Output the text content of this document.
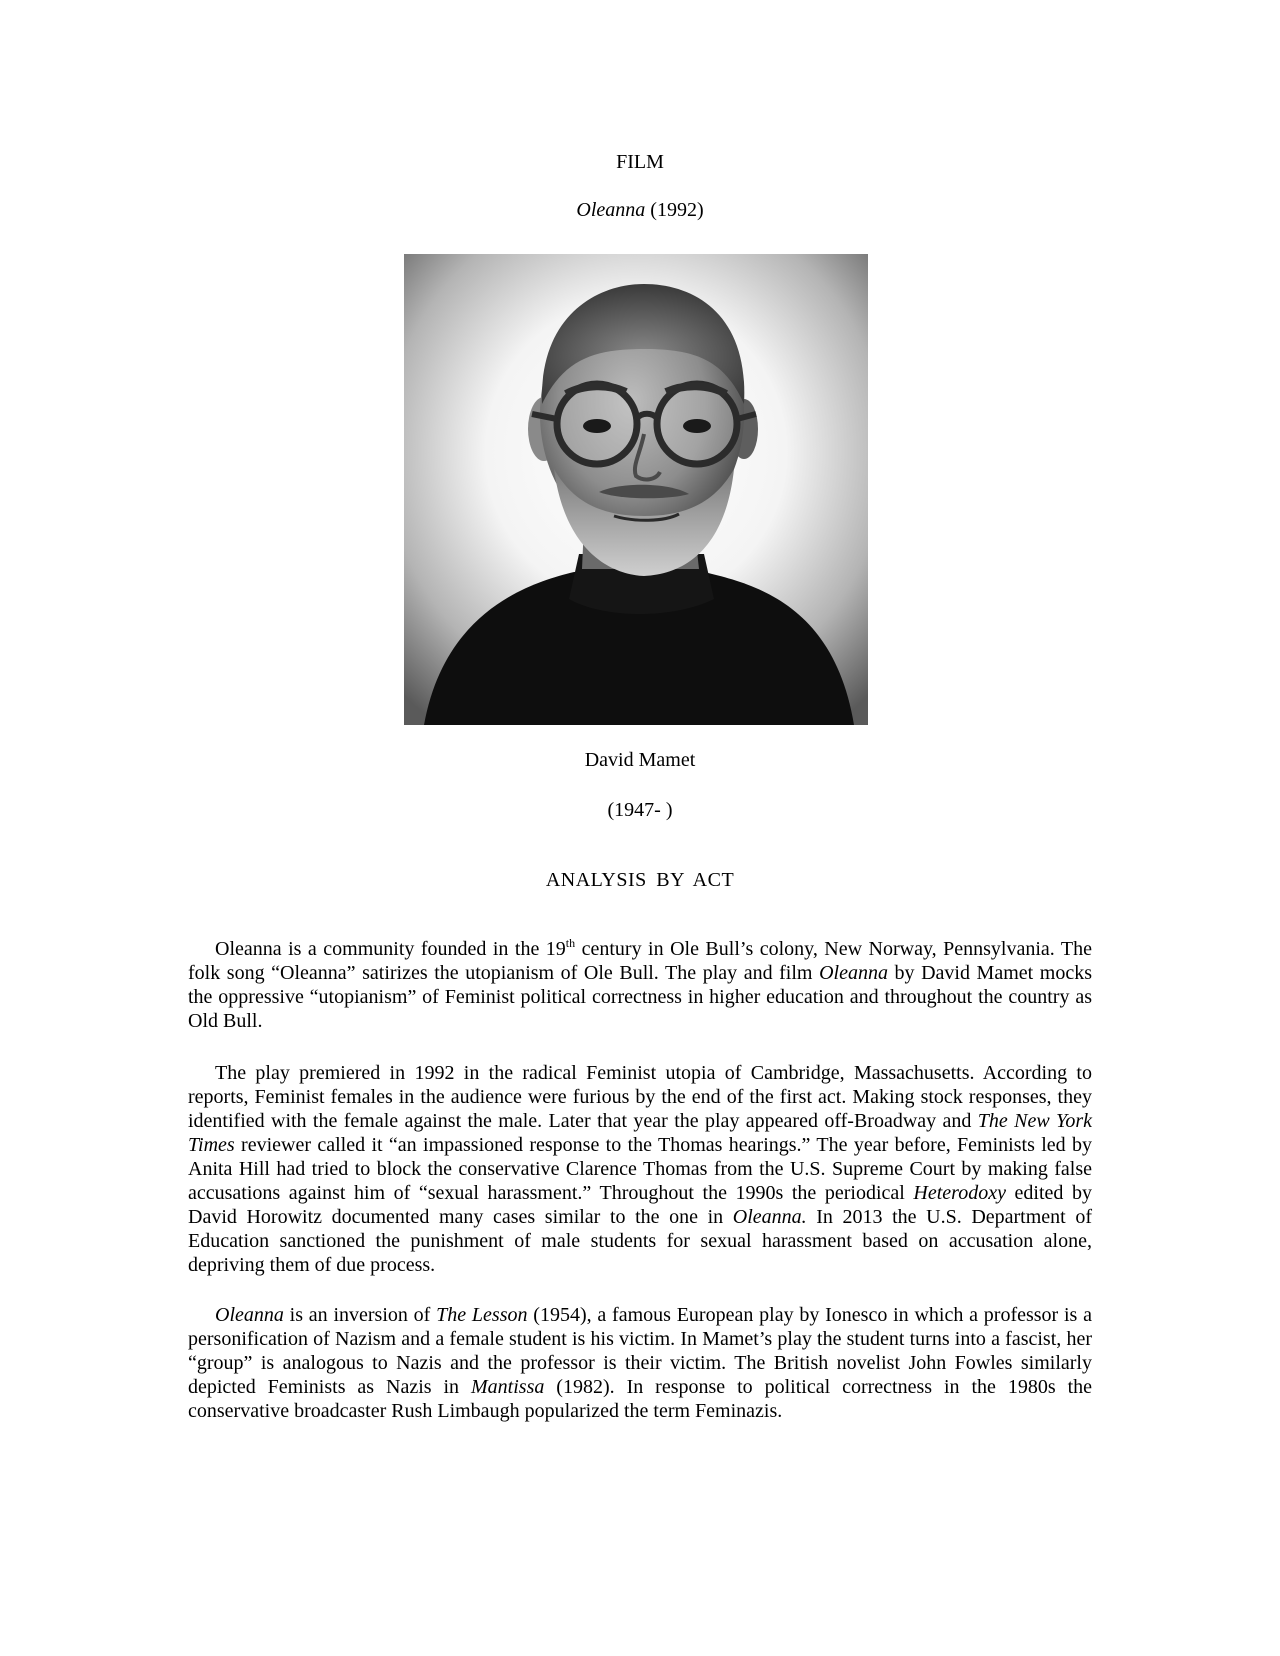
FILM

Oleanna (1992)

David Mamet

(1947- )

ANALYSIS BY ACT

Oleanna is a community founded in the 19th century in Ole Bull’s colony, New Norway, Pennsylvania. The folk song “Oleanna” satirizes the utopianism of Ole Bull. The play and film Oleanna by David Mamet mocks the oppressive “utopianism” of Feminist political correctness in higher education and throughout the country as Old Bull.

The play premiered in 1992 in the radical Feminist utopia of Cambridge, Massachusetts. According to reports, Feminist females in the audience were furious by the end of the first act. Making stock responses, they identified with the female against the male. Later that year the play appeared off-Broadway and The New York Times reviewer called it “an impassioned response to the Thomas hearings.” The year before, Feminists led by Anita Hill had tried to block the conservative Clarence Thomas from the U.S. Supreme Court by making false accusations against him of “sexual harassment.” Throughout the 1990s the periodical Heterodoxy edited by David Horowitz documented many cases similar to the one in Oleanna. In 2013 the U.S. Department of Education sanctioned the punishment of male students for sexual harassment based on accusation alone, depriving them of due process.

Oleanna is an inversion of The Lesson (1954), a famous European play by Ionesco in which a professor is a personification of Nazism and a female student is his victim. In Mamet’s play the student turns into a fascist, her “group” is analogous to Nazis and the professor is their victim. The British novelist John Fowles similarly depicted Feminists as Nazis in Mantissa (1982). In response to political correctness in the 1980s the conservative broadcaster Rush Limbaugh popularized the term Feminazis.
